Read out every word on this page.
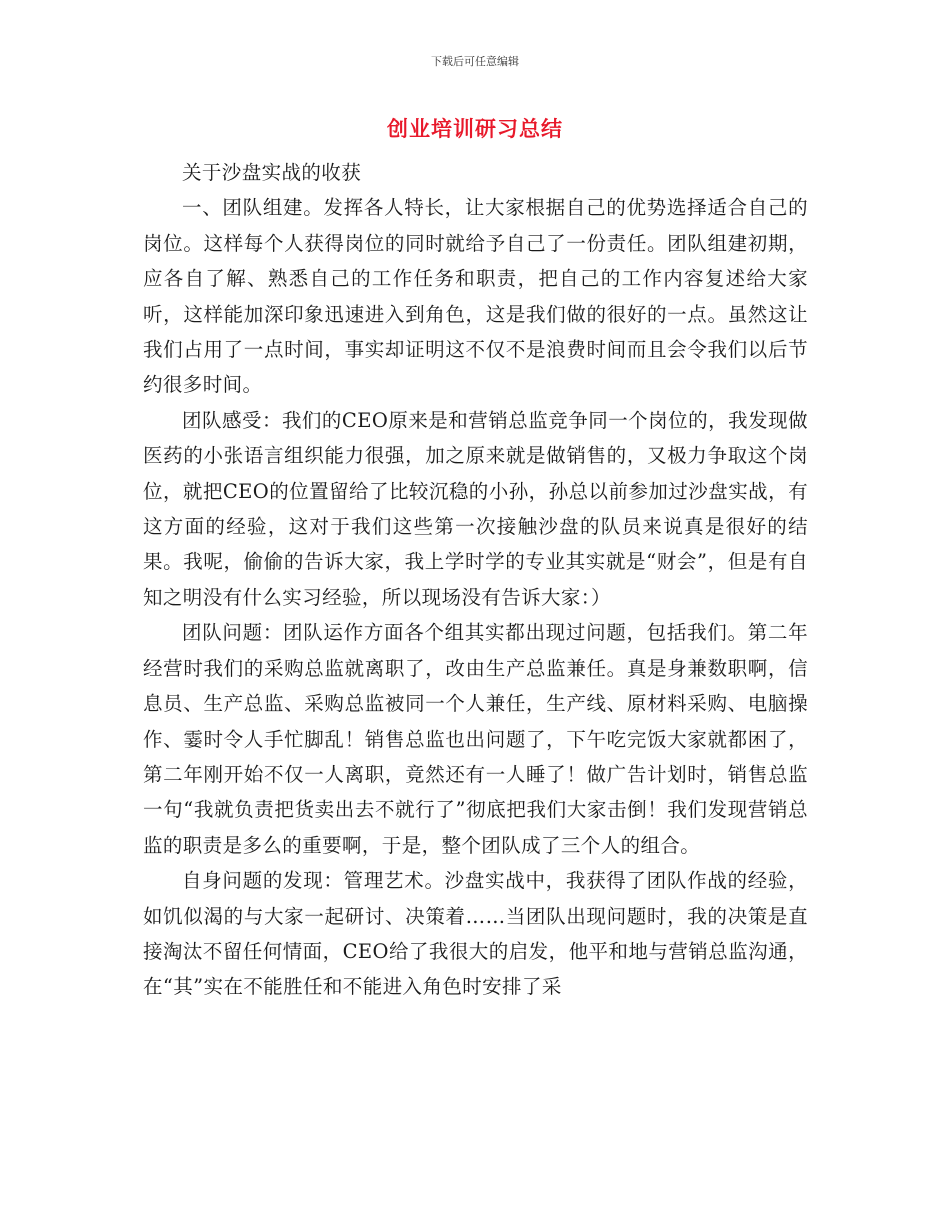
下载后可任意编辑
创业培训研习总结

关于沙盘实战的收获

一、团队组建。发挥各人特长，让大家根据自己的优势选择适合自己的岗位。这样每个人获得岗位的同时就给予自己了一份责任。团队组建初期，应各自了解、熟悉自己的工作任务和职责，把自己的工作内容复述给大家听，这样能加深印象迅速进入到角色，这是我们做的很好的一点。虽然这让我们占用了一点时间，事实却证明这不仅不是浪费时间而且会令我们以后节约很多时间。

团队感受：我们的CEO原来是和营销总监竞争同一个岗位的，我发现做医药的小张语言组织能力很强，加之原来就是做销售的，又极力争取这个岗位，就把CEO的位置留给了比较沉稳的小孙，孙总以前参加过沙盘实战，有这方面的经验，这对于我们这些第一次接触沙盘的队员来说真是很好的结果。我呢，偷偷的告诉大家，我上学时学的专业其实就是“财会”，但是有自知之明没有什么实习经验，所以现场没有告诉大家：）

团队问题：团队运作方面各个组其实都出现过问题，包括我们。第二年经营时我们的采购总监就离职了，改由生产总监兼任。真是身兼数职啊，信息员、生产总监、采购总监被同一个人兼任，生产线、原材料采购、电脑操作、霎时令人手忙脚乱！销售总监也出问题了，下午吃完饭大家就都困了，第二年刚开始不仅一人离职，竟然还有一人睡了！做广告计划时，销售总监一句“我就负责把货卖出去不就行了”彻底把我们大家击倒！我们发现营销总监的职责是多么的重要啊，于是，整个团队成了三个人的组合。

自身问题的发现：管理艺术。沙盘实战中，我获得了团队作战的经验，如饥似渴的与大家一起研讨、决策着……当团队出现问题时，我的决策是直接淘汰不留任何情面，CEO给了我很大的启发，他平和地与营销总监沟通，在“其”实在不能胜任和不能进入角色时安排了采
